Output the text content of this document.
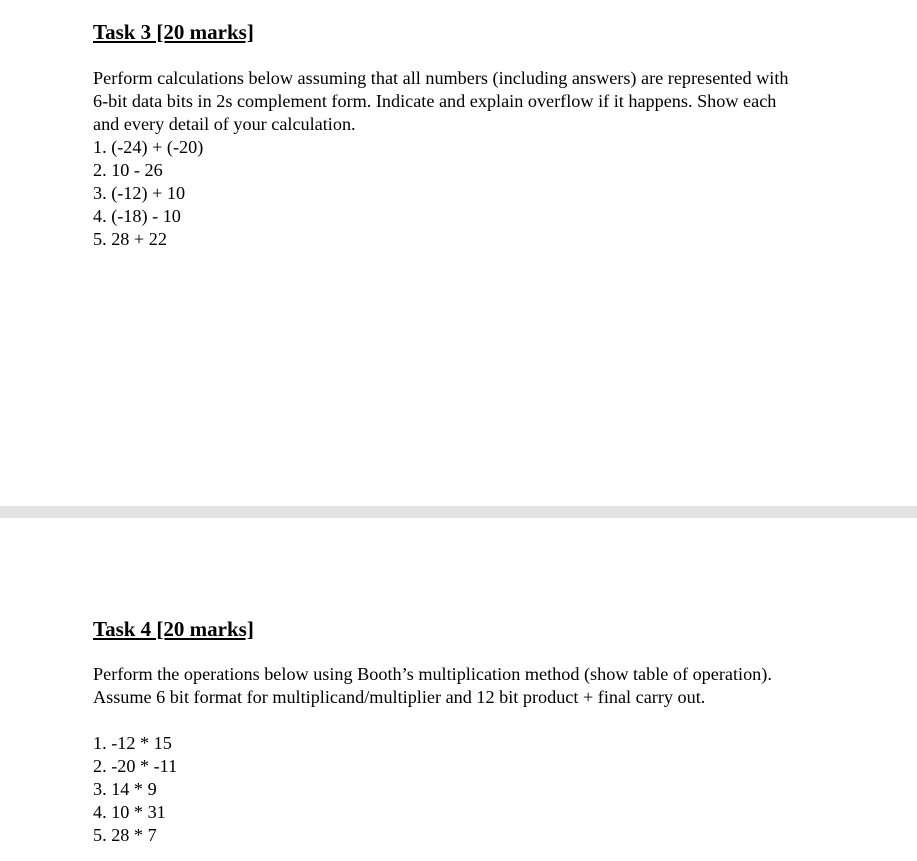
Task 3 [20 marks]
Perform calculations below assuming that all numbers (including answers) are represented with
6-bit data bits in 2s complement form. Indicate and explain overflow if it happens. Show each
and every detail of your calculation.
1. (-24) + (-20)
2. 10 - 26
3. (-12) + 10
4. (-18) - 10
5. 28 + 22
Task 4 [20 marks]
Perform the operations below using Booth’s multiplication method (show table of operation).
Assume 6 bit format for multiplicand/multiplier and 12 bit product + final carry out.
1. -12 * 15
2. -20 * -11
3. 14 * 9
4. 10 * 31
5. 28 * 7
